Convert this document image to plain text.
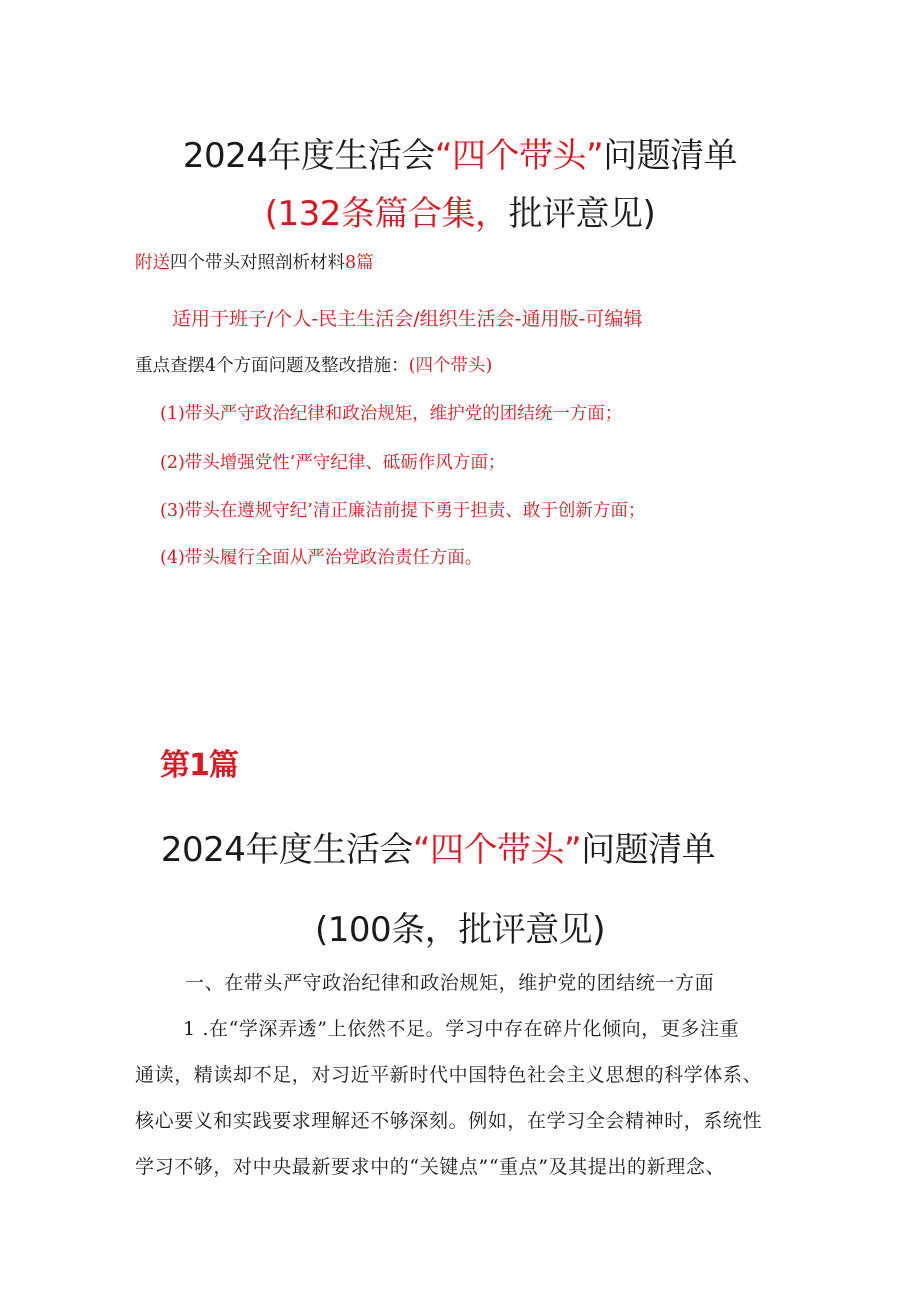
2024年度生活会“四个带头”问题清单
(132条篇合集，批评意见)
附送四个带头对照剖析材料8篇
适用于班子/个人-民主生活会/组织生活会-通用版-可编辑
重点查摆4个方面问题及整改措施：(四个带头)
(1)带头严守政治纪律和政治规矩，维护党的团结统一方面；
(2)带头增强党性’严守纪律、砥砺作风方面；
(3)带头在遵规守纪’清正廉洁前提下勇于担责、敢于创新方面；
(4)带头履行全面从严治党政治责任方面。
第1篇
2024年度生活会“四个带头”问题清单
(100条，批评意见)
一、在带头严守政治纪律和政治规矩，维护党的团结统一方面
1 .在“学深弄透”上依然不足。学习中存在碎片化倾向，更多注重
通读，精读却不足，对习近平新时代中国特色社会主义思想的科学体系、
核心要义和实践要求理解还不够深刻。例如，在学习全会精神时，系统性
学习不够，对中央最新要求中的“关键点”“重点”及其提出的新理念、
